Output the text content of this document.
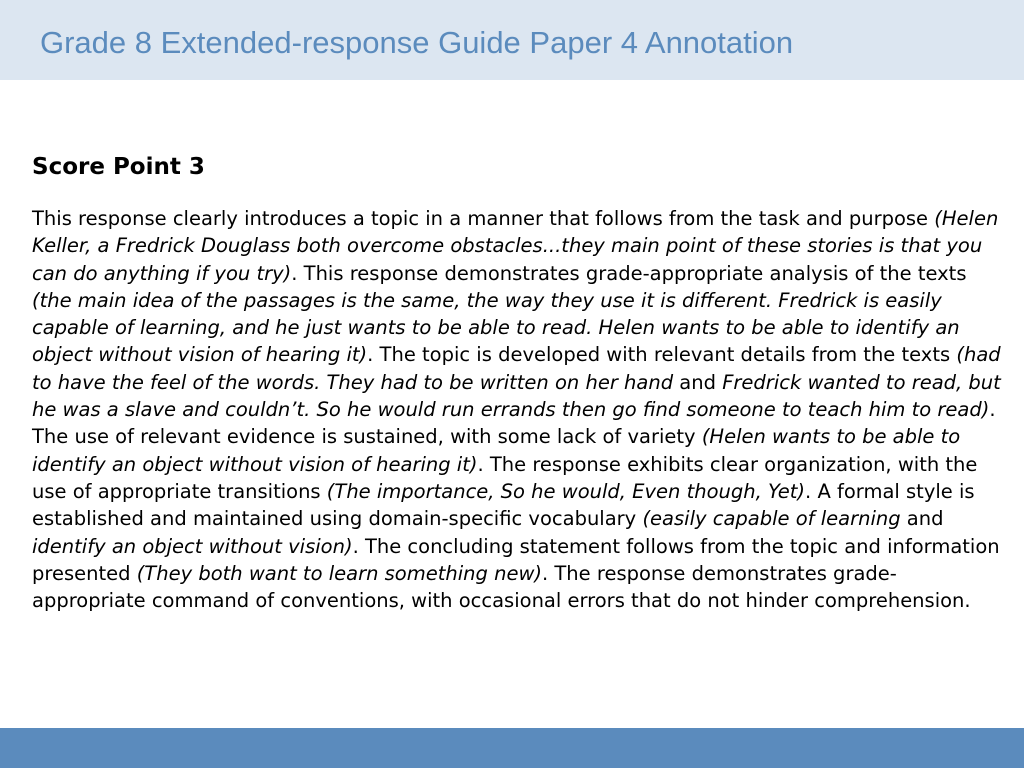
Grade 8 Extended-response Guide Paper 4 Annotation
Score Point 3

This response clearly introduces a topic in a manner that follows from the task and purpose (Helen Keller, a Fredrick Douglass both overcome obstacles...they main point of these stories is that you can do anything if you try). This response demonstrates grade-appropriate analysis of the texts (the main idea of the passages is the same, the way they use it is different. Fredrick is easily capable of learning, and he just wants to be able to read. Helen wants to be able to identify an object without vision of hearing it). The topic is developed with relevant details from the texts (had to have the feel of the words. They had to be written on her hand and Fredrick wanted to read, but he was a slave and couldn’t. So he would run errands then go find someone to teach him to read). The use of relevant evidence is sustained, with some lack of variety (Helen wants to be able to identify an object without vision of hearing it). The response exhibits clear organization, with the use of appropriate transitions (The importance, So he would, Even though, Yet). A formal style is established and maintained using domain-specific vocabulary (easily capable of learning and identify an object without vision). The concluding statement follows from the topic and information presented (They both want to learn something new). The response demonstrates grade-appropriate command of conventions, with occasional errors that do not hinder comprehension.
